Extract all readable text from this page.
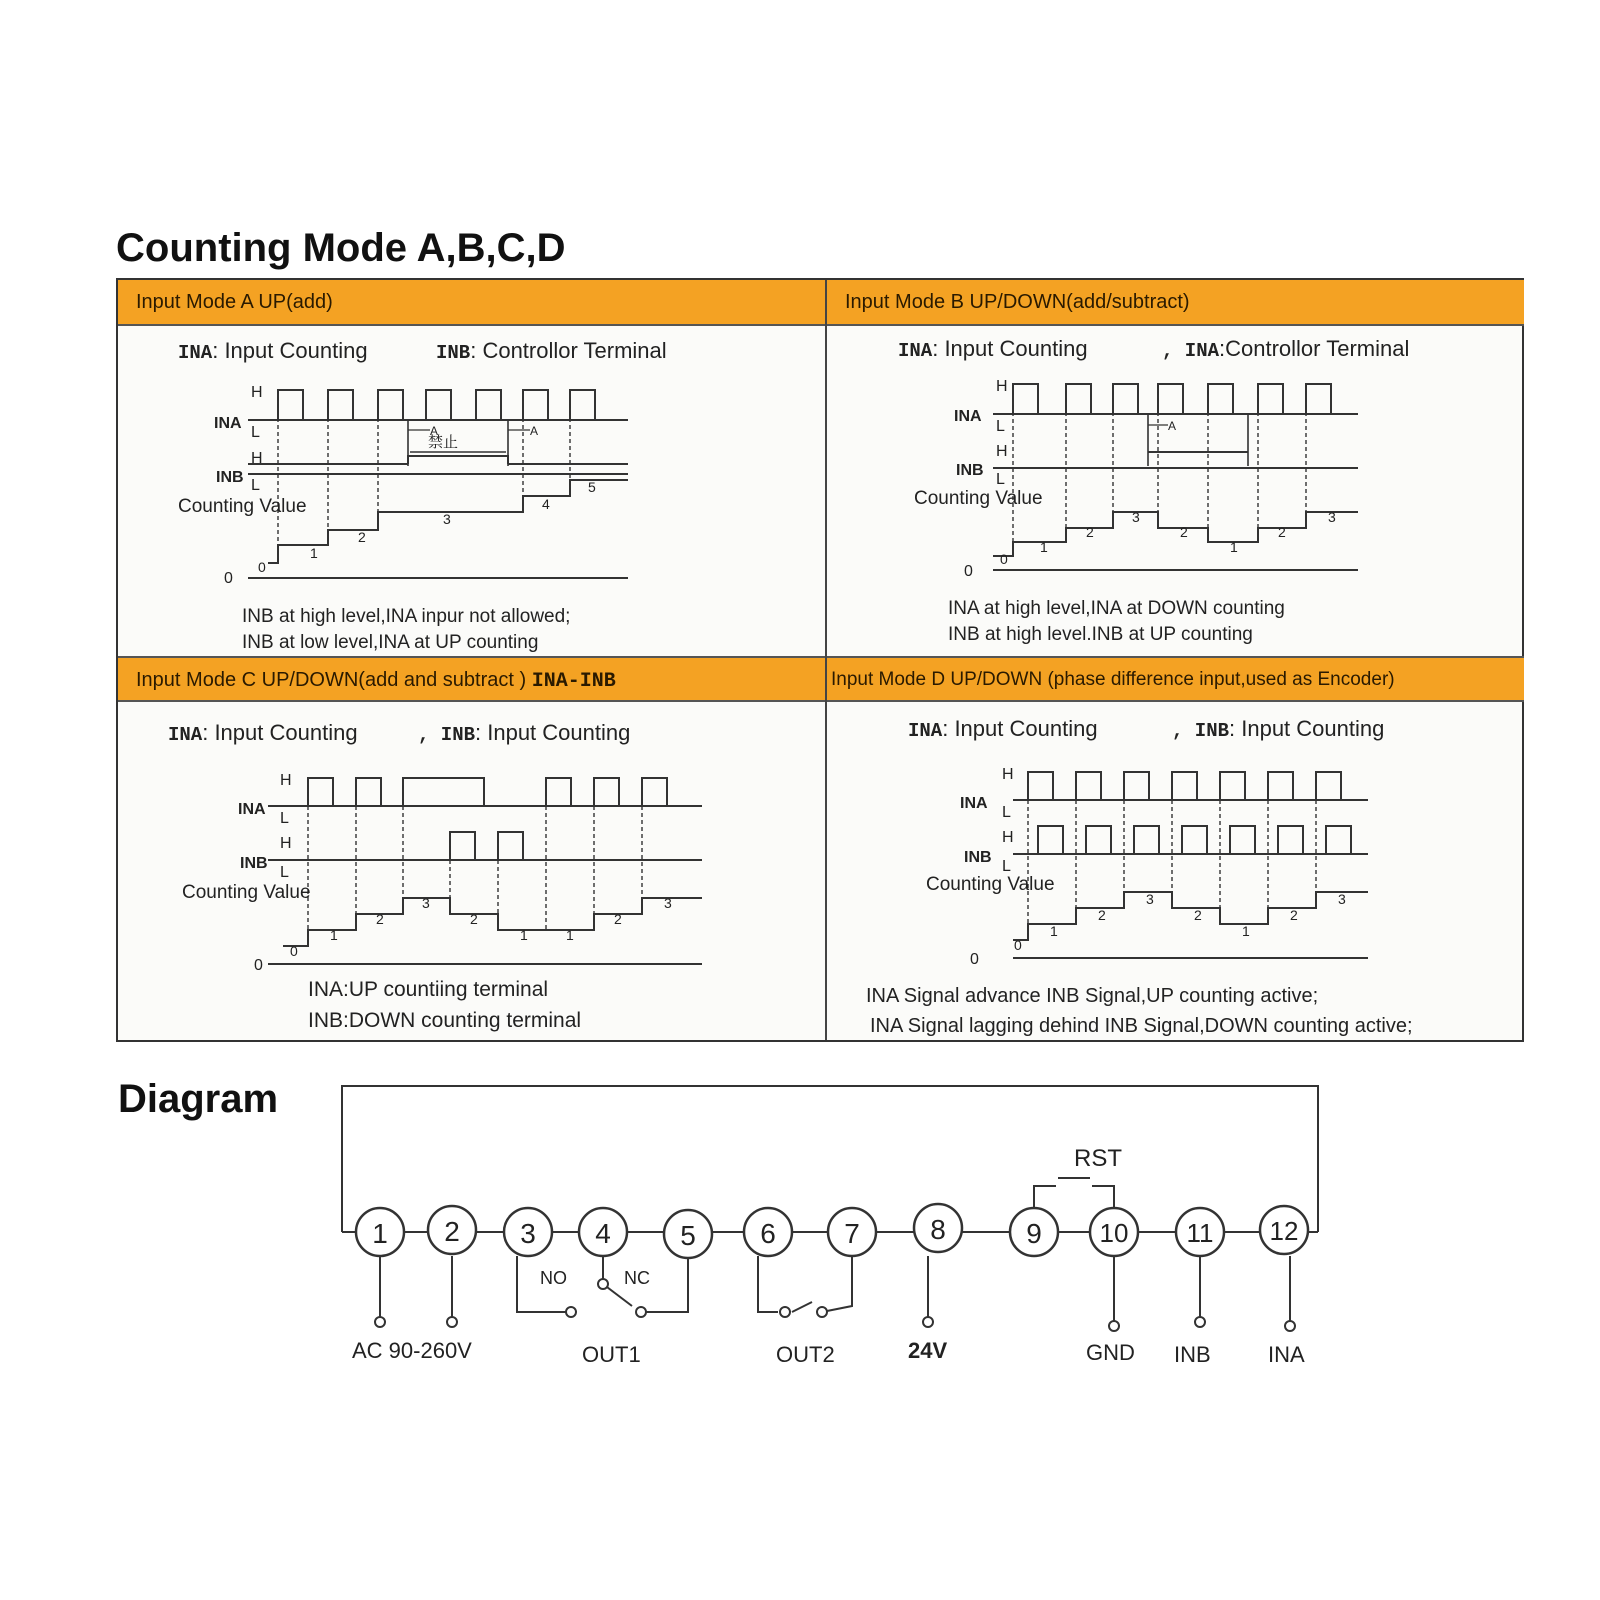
Counting Mode A,B,C,D
Input Mode A UP(add)
INA: Input Counting	INB: Controllor Terminal
Input Mode B UP/DOWN(add/subtract)
INA: Input Counting	, INA:Controllor Terminal
Input Mode C UP/DOWN(add and subtract ) INA-INB
INA: Input Counting	, INB: Input Counting
Input Mode D UP/DOWN (phase difference input,used as Encoder)
INA: Input Counting	, INB: Input Counting
H
INA
L
H
INB L
Counting Value
0
0
1
2
3
4
5
禁止
A	A
INB at high level,INA inpur not allowed;
INB at low level,INA at UP counting
H
INA
L
H
INB
L
Counting Value
0
0
1
2
3
2
1
2
3
A
INA at high level,INA at DOWN counting
INB at high level.INB at UP counting
H
INA
L
H
INB
L
Counting Value
0
0
1
2
3
2
1	1
2
3
INA:UP countiing terminal
INB:DOWN counting terminal
H
INA
L
H
INB
L
Counting Value
0
0
1
2
3
2
1
2
3
INA Signal advance INB Signal,UP counting active;
INA Signal lagging dehind INB Signal,DOWN counting active;
Diagram
1 2 3 4 5 6 7	8	9 10 11 12
RST
NO	NC
AC 90-260V	OUT1	OUT2	24V	GND INB	INA
